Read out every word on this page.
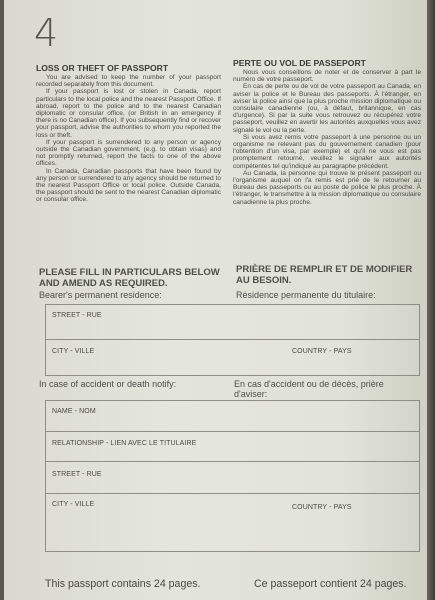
4
LOSS OR THEFT OF PASSPORT

You are advised to keep the number of your passport recorded separately from this document.

If your passport is lost or stolen in Canada, report particulars to the local police and the nearest Passport Office. If abroad, report to the police and to the nearest Canadian diplomatic or consular office, (or British in an emergency if there is no Canadian office). If you subsequently find or recover your passport, advise the authorities to whom you reported the loss or theft.

If your passport is surrendered to any person or agency outside the Canadian government, (e.g. to obtain visas) and not promptly returned, report the facts to one of the above offices.

In Canada, Canadian passports that have been found by any person or surrendered to any agency should be returned to the nearest Passport Office or local police. Outside Canada, the passport should be sent to the nearest Canadian diplomatic or consular office.

PERTE OU VOL DE PASSEPORT

Nous vous conseillons de noter et de conserver à part le numéro de votre passeport.

En cas de perte ou de vol de votre passeport au Canada, en aviser la police et le Bureau des passeports. À l'étranger, en aviser la police ainsi que la plus proche mission diplomatique ou consulaire canadienne (ou, à défaut, britannique, en cas d'urgence). Si par la suite vous retrouvez ou récupérez votre passeport, veuillez en avertir les autorités auxquelles vous avez signalé le vol ou la perte.

Si vous avez remis votre passeport à une personne ou un organisme ne relevant pas du gouvernement canadien (pour l'obtention d'un visa, par exemple) et qu'il ne vous est pas promptement retourné, veuillez le signaler aux autorités compétentes tel qu'indiqué au paragraphe précédent.

Au Canada, la personne qui trouve le présent passeport ou l'organisme auquel on l'a remis est prié de le retourner au Bureau des passeports ou au poste de police le plus proche. À l'étranger, le transmettre à la mission diplomatique ou consulaire canadienne la plus proche.

PLEASE FILL IN PARTICULARS BELOW AND AMEND AS REQUIRED.
PRIÈRE DE REMPLIR ET DE MODIFIER AU BESOIN.
Bearer's permanent residence:	Résidence permanente du titulaire:
STREET - RUE
CITY - VILLE	COUNTRY - PAYS
In case of accident or death notify:	En cas d'accident ou de décès, prière d'aviser:
NAME - NOM
RELATIONSHIP - LIEN AVEC LE TITULAIRE
STREET - RUE
CITY - VILLE	COUNTRY - PAYS
This passport contains 24 pages.	Ce passeport contient 24 pages.
